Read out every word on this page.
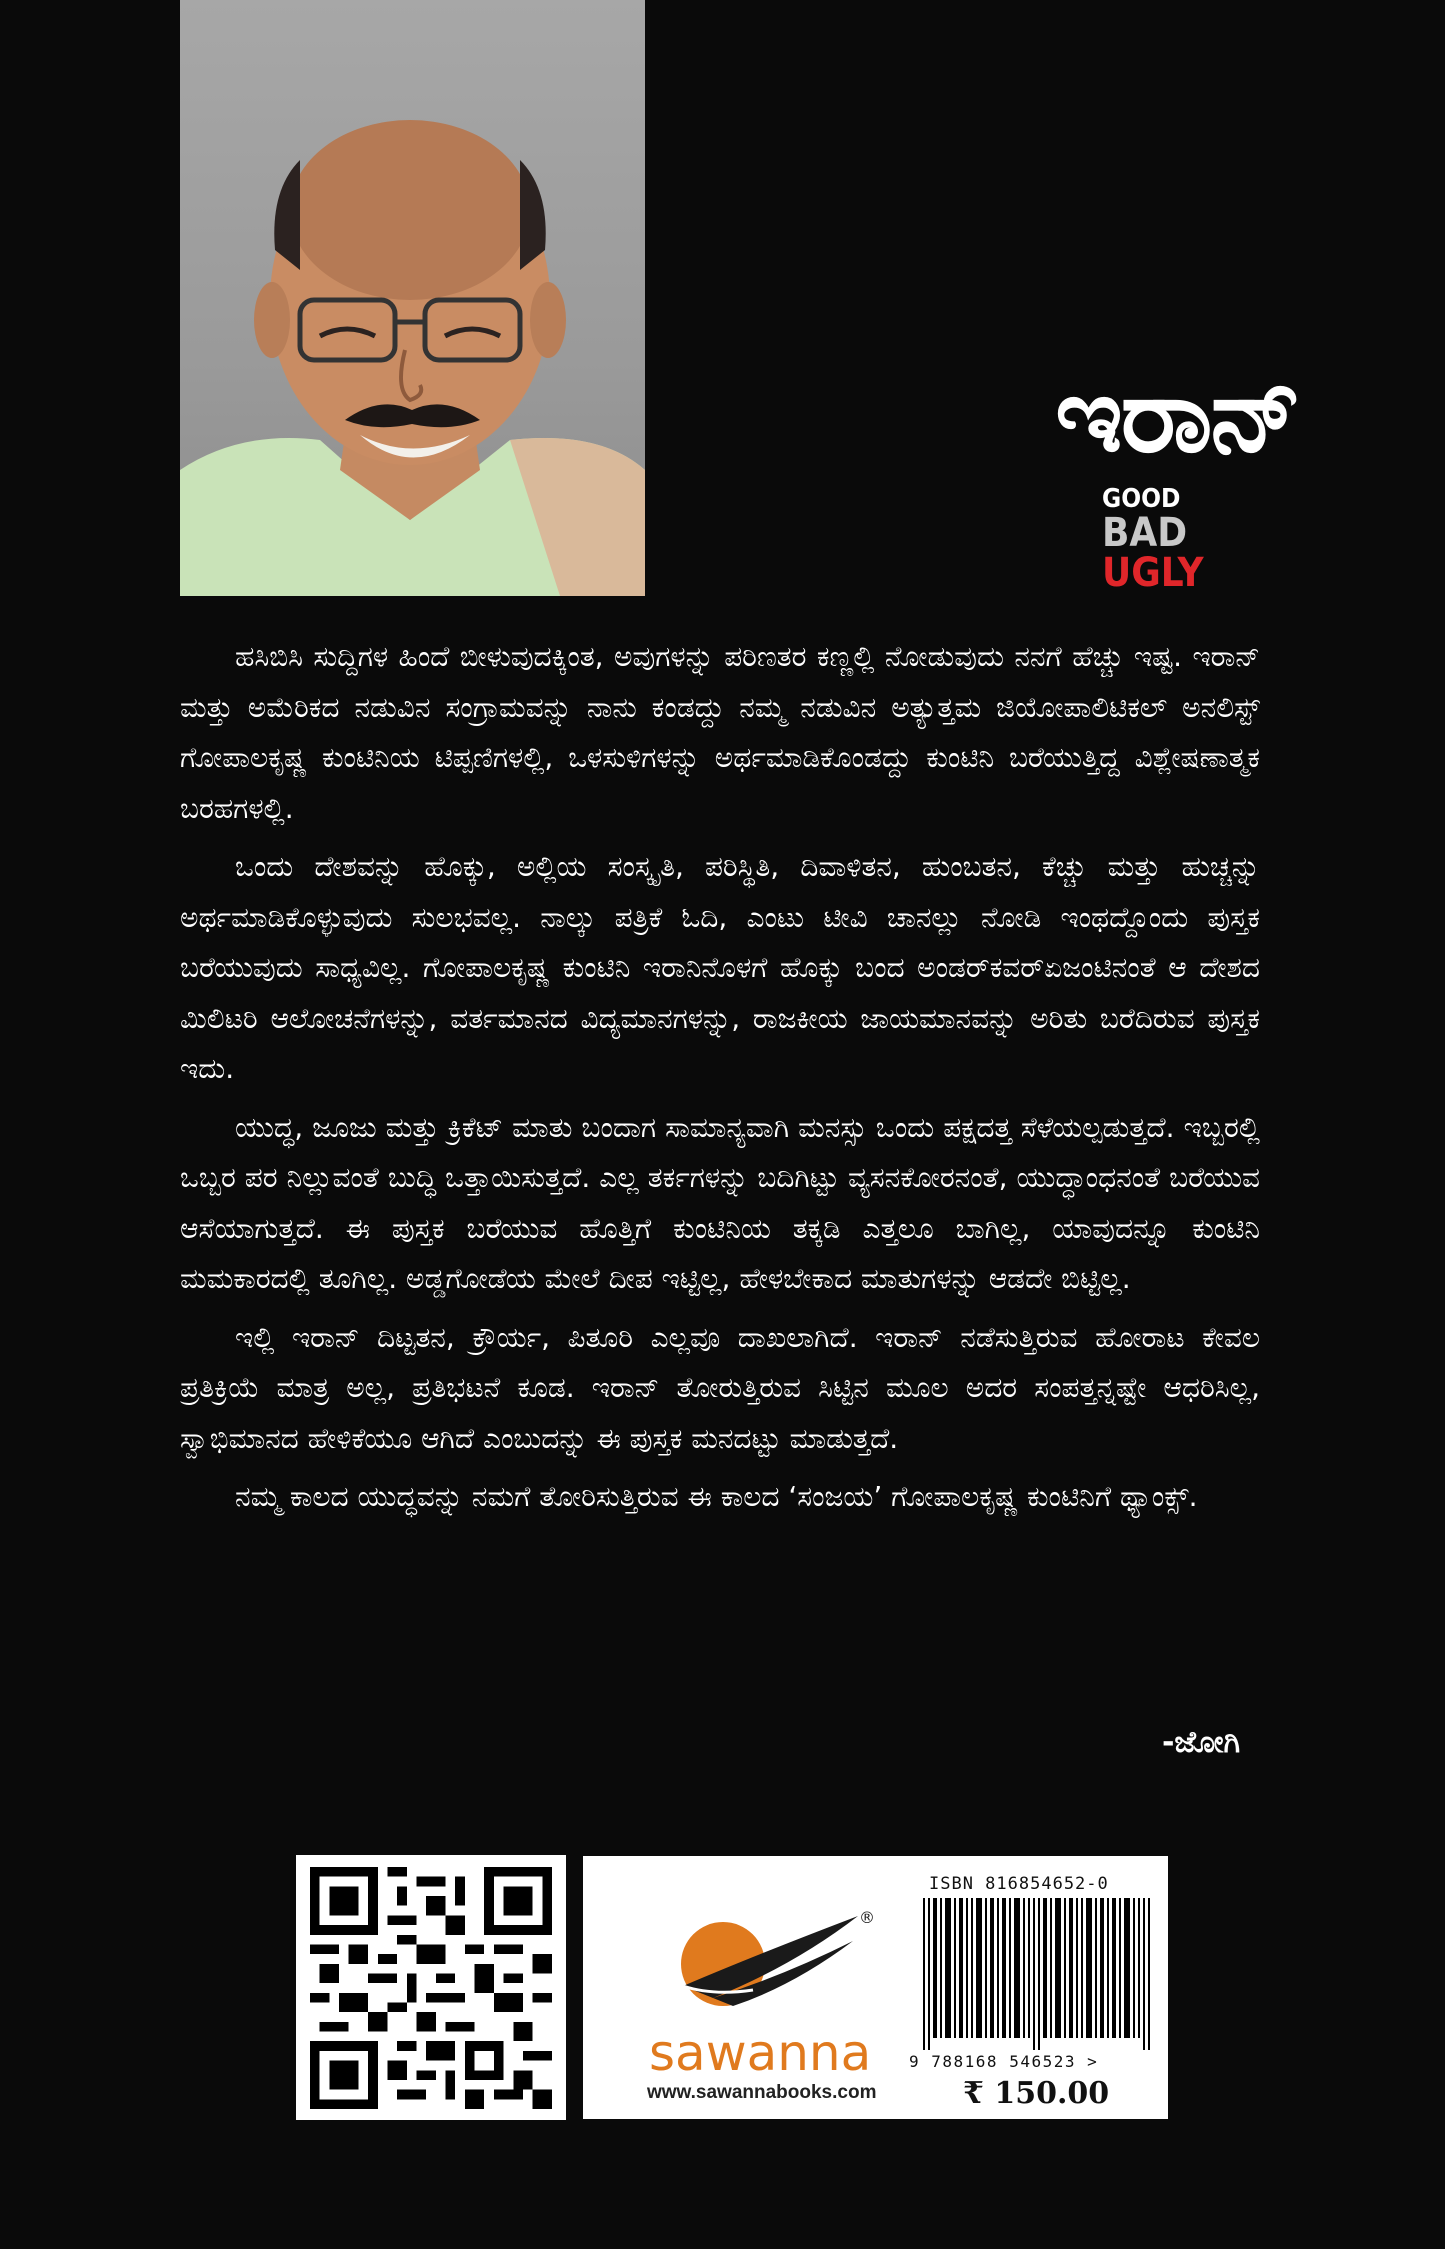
ಇರಾನ್
GOOD
BAD
UGLY

ಹಸಿಬಿಸಿ ಸುದ್ದಿಗಳ ಹಿಂದೆ ಬೀಳುವುದಕ್ಕಿಂತ, ಅವುಗಳನ್ನು ಪರಿಣತರ ಕಣ್ಣಲ್ಲಿ ನೋಡುವುದು ನನಗೆ ಹೆಚ್ಚು ಇಷ್ಟ. ಇರಾನ್ ಮತ್ತು ಅಮೆರಿಕದ ನಡುವಿನ ಸಂಗ್ರಾಮವನ್ನು ನಾನು ಕಂಡದ್ದು ನಮ್ಮ ನಡುವಿನ ಅತ್ಯುತ್ತಮ ಜಿಯೋಪಾಲಿಟಿಕಲ್ ಅನಲಿಸ್ಟ್ ಗೋಪಾಲಕೃಷ್ಣ ಕುಂಟಿನಿಯ ಟಿಪ್ಪಣಿಗಳಲ್ಲಿ, ಒಳಸುಳಿಗಳನ್ನು ಅರ್ಥಮಾಡಿಕೊಂಡದ್ದು ಕುಂಟಿನಿ ಬರೆಯುತ್ತಿದ್ದ ವಿಶ್ಲೇಷಣಾತ್ಮಕ ಬರಹಗಳಲ್ಲಿ.

ಒಂದು ದೇಶವನ್ನು ಹೊಕ್ಕು, ಅಲ್ಲಿಯ ಸಂಸ್ಕೃತಿ, ಪರಿಸ್ಥಿತಿ, ದಿವಾಳಿತನ, ಹುಂಬತನ, ಕೆಚ್ಚು ಮತ್ತು ಹುಚ್ಚನ್ನು ಅರ್ಥಮಾಡಿಕೊಳ್ಳುವುದು ಸುಲಭವಲ್ಲ. ನಾಲ್ಕು ಪತ್ರಿಕೆ ಓದಿ, ಎಂಟು ಟೀವಿ ಚಾನಲ್ಲು ನೋಡಿ ಇಂಥದ್ದೊಂದು ಪುಸ್ತಕ ಬರೆಯುವುದು ಸಾಧ್ಯವಿಲ್ಲ. ಗೋಪಾಲಕೃಷ್ಣ ಕುಂಟಿನಿ ಇರಾನಿನೊಳಗೆ ಹೊಕ್ಕು ಬಂದ ಅಂಡರ್‌ಕವರ್‌ಏಜಂಟಿನಂತೆ ಆ ದೇಶದ ಮಿಲಿಟರಿ ಆಲೋಚನೆಗಳನ್ನು, ವರ್ತಮಾನದ ವಿದ್ಯಮಾನಗಳನ್ನು, ರಾಜಕೀಯ ಜಾಯಮಾನವನ್ನು ಅರಿತು ಬರೆದಿರುವ ಪುಸ್ತಕ ಇದು.

ಯುದ್ಧ, ಜೂಜು ಮತ್ತು ಕ್ರಿಕೆಟ್ ಮಾತು ಬಂದಾಗ ಸಾಮಾನ್ಯವಾಗಿ ಮನಸ್ಸು ಒಂದು ಪಕ್ಷದತ್ತ ಸೆಳೆಯಲ್ಪಡುತ್ತದೆ. ಇಬ್ಬರಲ್ಲಿ ಒಬ್ಬರ ಪರ ನಿಲ್ಲುವಂತೆ ಬುದ್ಧಿ ಒತ್ತಾಯಿಸುತ್ತದೆ. ಎಲ್ಲ ತರ್ಕಗಳನ್ನು ಬದಿಗಿಟ್ಟು ವ್ಯಸನಕೋರನಂತೆ, ಯುದ್ಧಾಂಧನಂತೆ ಬರೆಯುವ ಆಸೆಯಾಗುತ್ತದೆ. ಈ ಪುಸ್ತಕ ಬರೆಯುವ ಹೊತ್ತಿಗೆ ಕುಂಟಿನಿಯ ತಕ್ಕಡಿ ಎತ್ತಲೂ ಬಾಗಿಲ್ಲ, ಯಾವುದನ್ನೂ ಕುಂಟಿನಿ ಮಮಕಾರದಲ್ಲಿ ತೂಗಿಲ್ಲ. ಅಡ್ಡಗೋಡೆಯ ಮೇಲೆ ದೀಪ ಇಟ್ಟಿಲ್ಲ, ಹೇಳಬೇಕಾದ ಮಾತುಗಳನ್ನು ಆಡದೇ ಬಿಟ್ಟಿಲ್ಲ.

ಇಲ್ಲಿ ಇರಾನ್ ದಿಟ್ಟತನ, ಕ್ರೌರ್ಯ, ಪಿತೂರಿ ಎಲ್ಲವೂ ದಾಖಲಾಗಿದೆ. ಇರಾನ್ ನಡೆಸುತ್ತಿರುವ ಹೋರಾಟ ಕೇವಲ ಪ್ರತಿಕ್ರಿಯೆ ಮಾತ್ರ ಅಲ್ಲ, ಪ್ರತಿಭಟನೆ ಕೂಡ. ಇರಾನ್ ತೋರುತ್ತಿರುವ ಸಿಟ್ಟಿನ ಮೂಲ ಅದರ ಸಂಪತ್ತನ್ನಷ್ಟೇ ಆಧರಿಸಿಲ್ಲ, ಸ್ವಾಭಿಮಾನದ ಹೇಳಿಕೆಯೂ ಆಗಿದೆ ಎಂಬುದನ್ನು ಈ ಪುಸ್ತಕ ಮನದಟ್ಟು ಮಾಡುತ್ತದೆ.

ನಮ್ಮ ಕಾಲದ ಯುದ್ಧವನ್ನು ನಮಗೆ ತೋರಿಸುತ್ತಿರುವ ಈ ಕಾಲದ ‘ಸಂಜಯ’ ಗೋಪಾಲಕೃಷ್ಣ ಕುಂಟಿನಿಗೆ ಥ್ಯಾಂಕ್ಸ್.

-ಜೋಗಿ
sawanna
www.sawannabooks.com
®
ISBN 816854652-0
9 788168 546523 >
₹ 150.00
